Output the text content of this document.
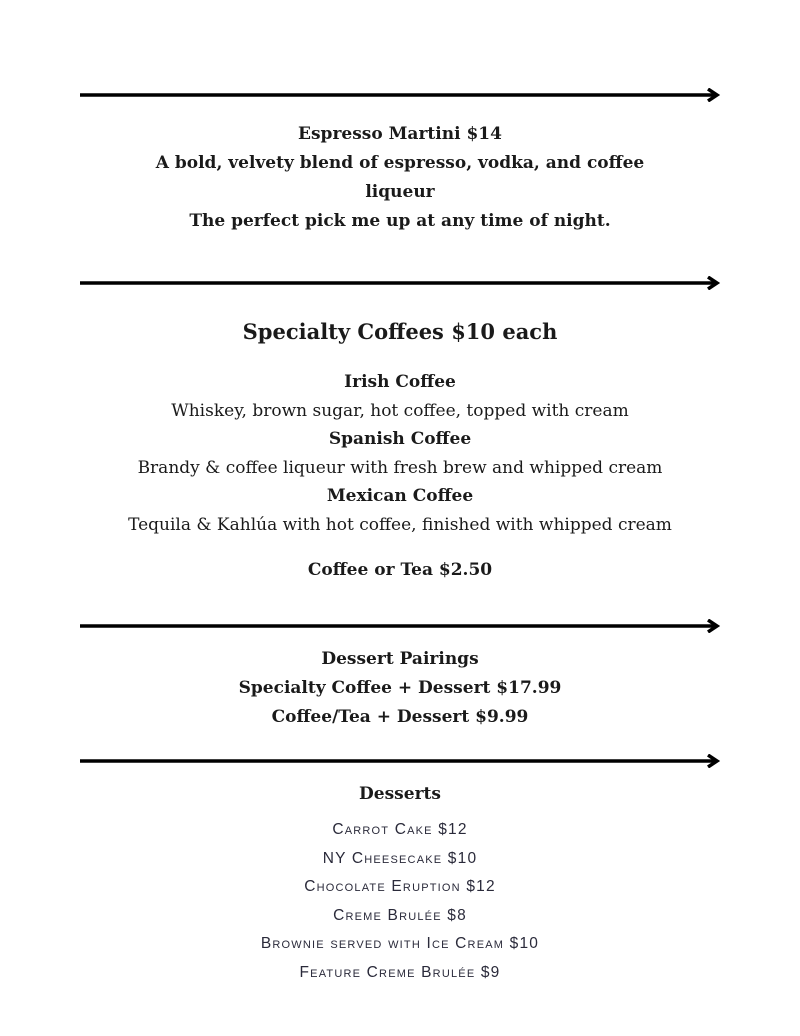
Espresso Martini $14
A bold, velvety blend of espresso, vodka, and coffee
liqueur
The perfect pick me up at any time of night.
Specialty Coffees $10 each
Irish Coffee
Whiskey, brown sugar, hot coffee, topped with cream
Spanish Coffee
Brandy & coffee liqueur with fresh brew and whipped cream
Mexican Coffee
Tequila & Kahlúa with hot coffee, finished with whipped cream
Coffee or Tea $2.50
Dessert Pairings
Specialty Coffee + Dessert $17.99
Coffee/Tea + Dessert $9.99
Desserts
Carrot Cake $12
NY Cheesecake $10
Chocolate Eruption $12
Creme Brulée $8
Brownie served with Ice Cream $10
Feature Creme Brulée $9
